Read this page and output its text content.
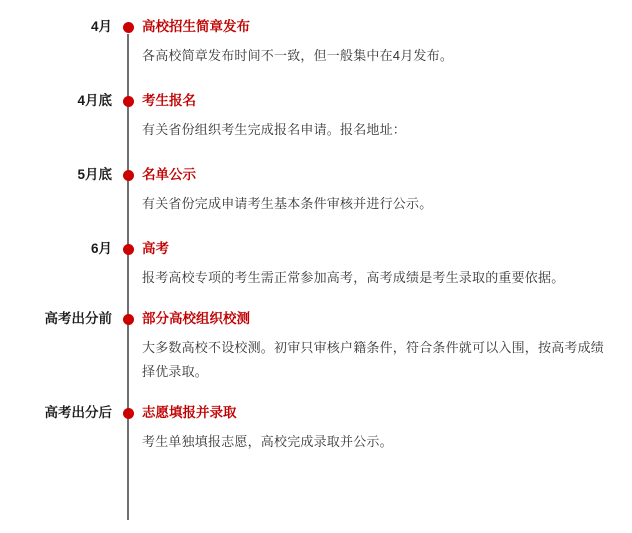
4月	高校招生简章发布
各高校简章发布时间不一致，但一般集中在4月发布。
4月底	考生报名
有关省份组织考生完成报名申请。报名地址：
5月底	名单公示
有关省份完成申请考生基本条件审核并进行公示。
6月	高考
报考高校专项的考生需正常参加高考，高考成绩是考生录取的重要依据。
高考出分前	部分高校组织校测
大多数高校不设校测。初审只审核户籍条件，符合条件就可以入围，按高考成绩择优录取。
高考出分后	志愿填报并录取
考生单独填报志愿，高校完成录取并公示。
